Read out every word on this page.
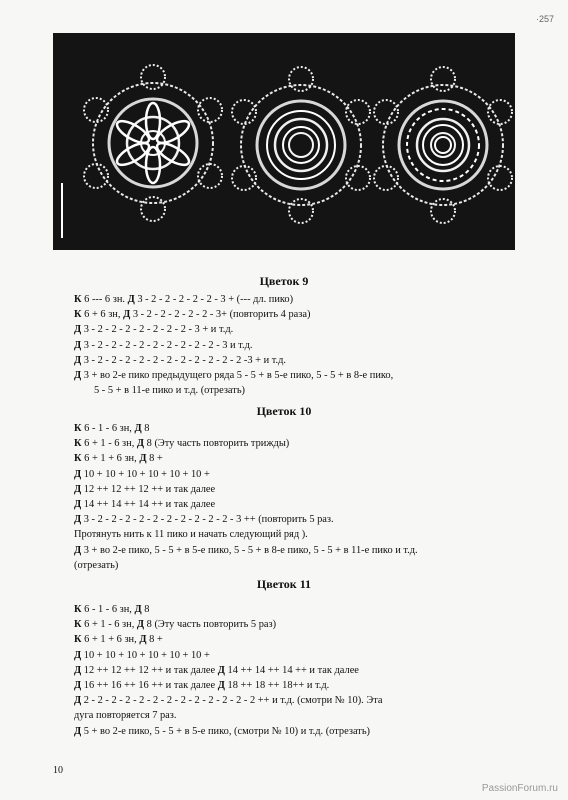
·257
Цветок 9
К 6 --- 6 зн. Д 3 - 2 - 2 - 2 - 2 - 2 - 3 + (--- дл. пико)
К 6 + 6 зн, Д 3 - 2 - 2 - 2 - 2 - 2 - 3+ (повторить 4 раза)
Д 3 - 2 - 2 - 2 - 2 - 2 - 2 - 2 - 3 + и т.д.
Д 3 - 2 - 2 - 2 - 2 - 2 - 2 - 2 - 2 - 2 - 3 и т.д.
Д 3 - 2 - 2 - 2 - 2 - 2 - 2 - 2 - 2 - 2 - 2 - 2 -3 + и т.д.
Д 3 + во 2-е пико предыдущего ряда 5 - 5 + в 5-е пико, 5 - 5 + в 8-е пико,
5 - 5 + в 11-е пико и т.д. (отрезать)
Цветок 10
К 6 - 1 - 6 зн, Д 8
К 6 + 1 - 6 зн, Д 8 (Эту часть повторить трижды)
К 6 + 1 + 6 зн, Д 8 +
Д 10 + 10 + 10 + 10 + 10 + 10 +
Д 12 ++ 12 ++ 12 ++ и так далее
Д 14 ++ 14 ++ 14 ++ и так далее
Д 3 - 2 - 2 - 2 - 2 - 2 - 2 - 2 - 2 - 2 - 2 - 3 ++ (повторить 5 раз.
Протянуть нить к 11 пико и начать следующий ряд ).
Д 3 + во 2-е пико, 5 - 5 + в 5-е пико, 5 - 5 + в 8-е пико, 5 - 5 + в 11-е пико и т.д.
(отрезать)
Цветок 11
К 6 - 1 - 6 зн, Д 8
К 6 + 1 - 6 зн, Д 8 (Эту часть повторить 5 раз)
К 6 + 1 + 6 зн, Д 8 +
Д 10 + 10 + 10 + 10 + 10 + 10 +
Д 12 ++ 12 ++ 12 ++ и так далее Д 14 ++ 14 ++ 14 ++ и так далее
Д 16 ++ 16 ++ 16 ++ и так далее Д 18 ++ 18 ++ 18++ и т.д.
Д 2 - 2 - 2 - 2 - 2 - 2 - 2 - 2 - 2 - 2 - 2 - 2 - 2 ++ и т.д. (смотри № 10). Эта
дуга повторяется 7 раз.
Д 5 + во 2-е пико, 5 - 5 + в 5-е пико, (смотри № 10) и т.д. (отрезать)
10
PassionForum.ru
